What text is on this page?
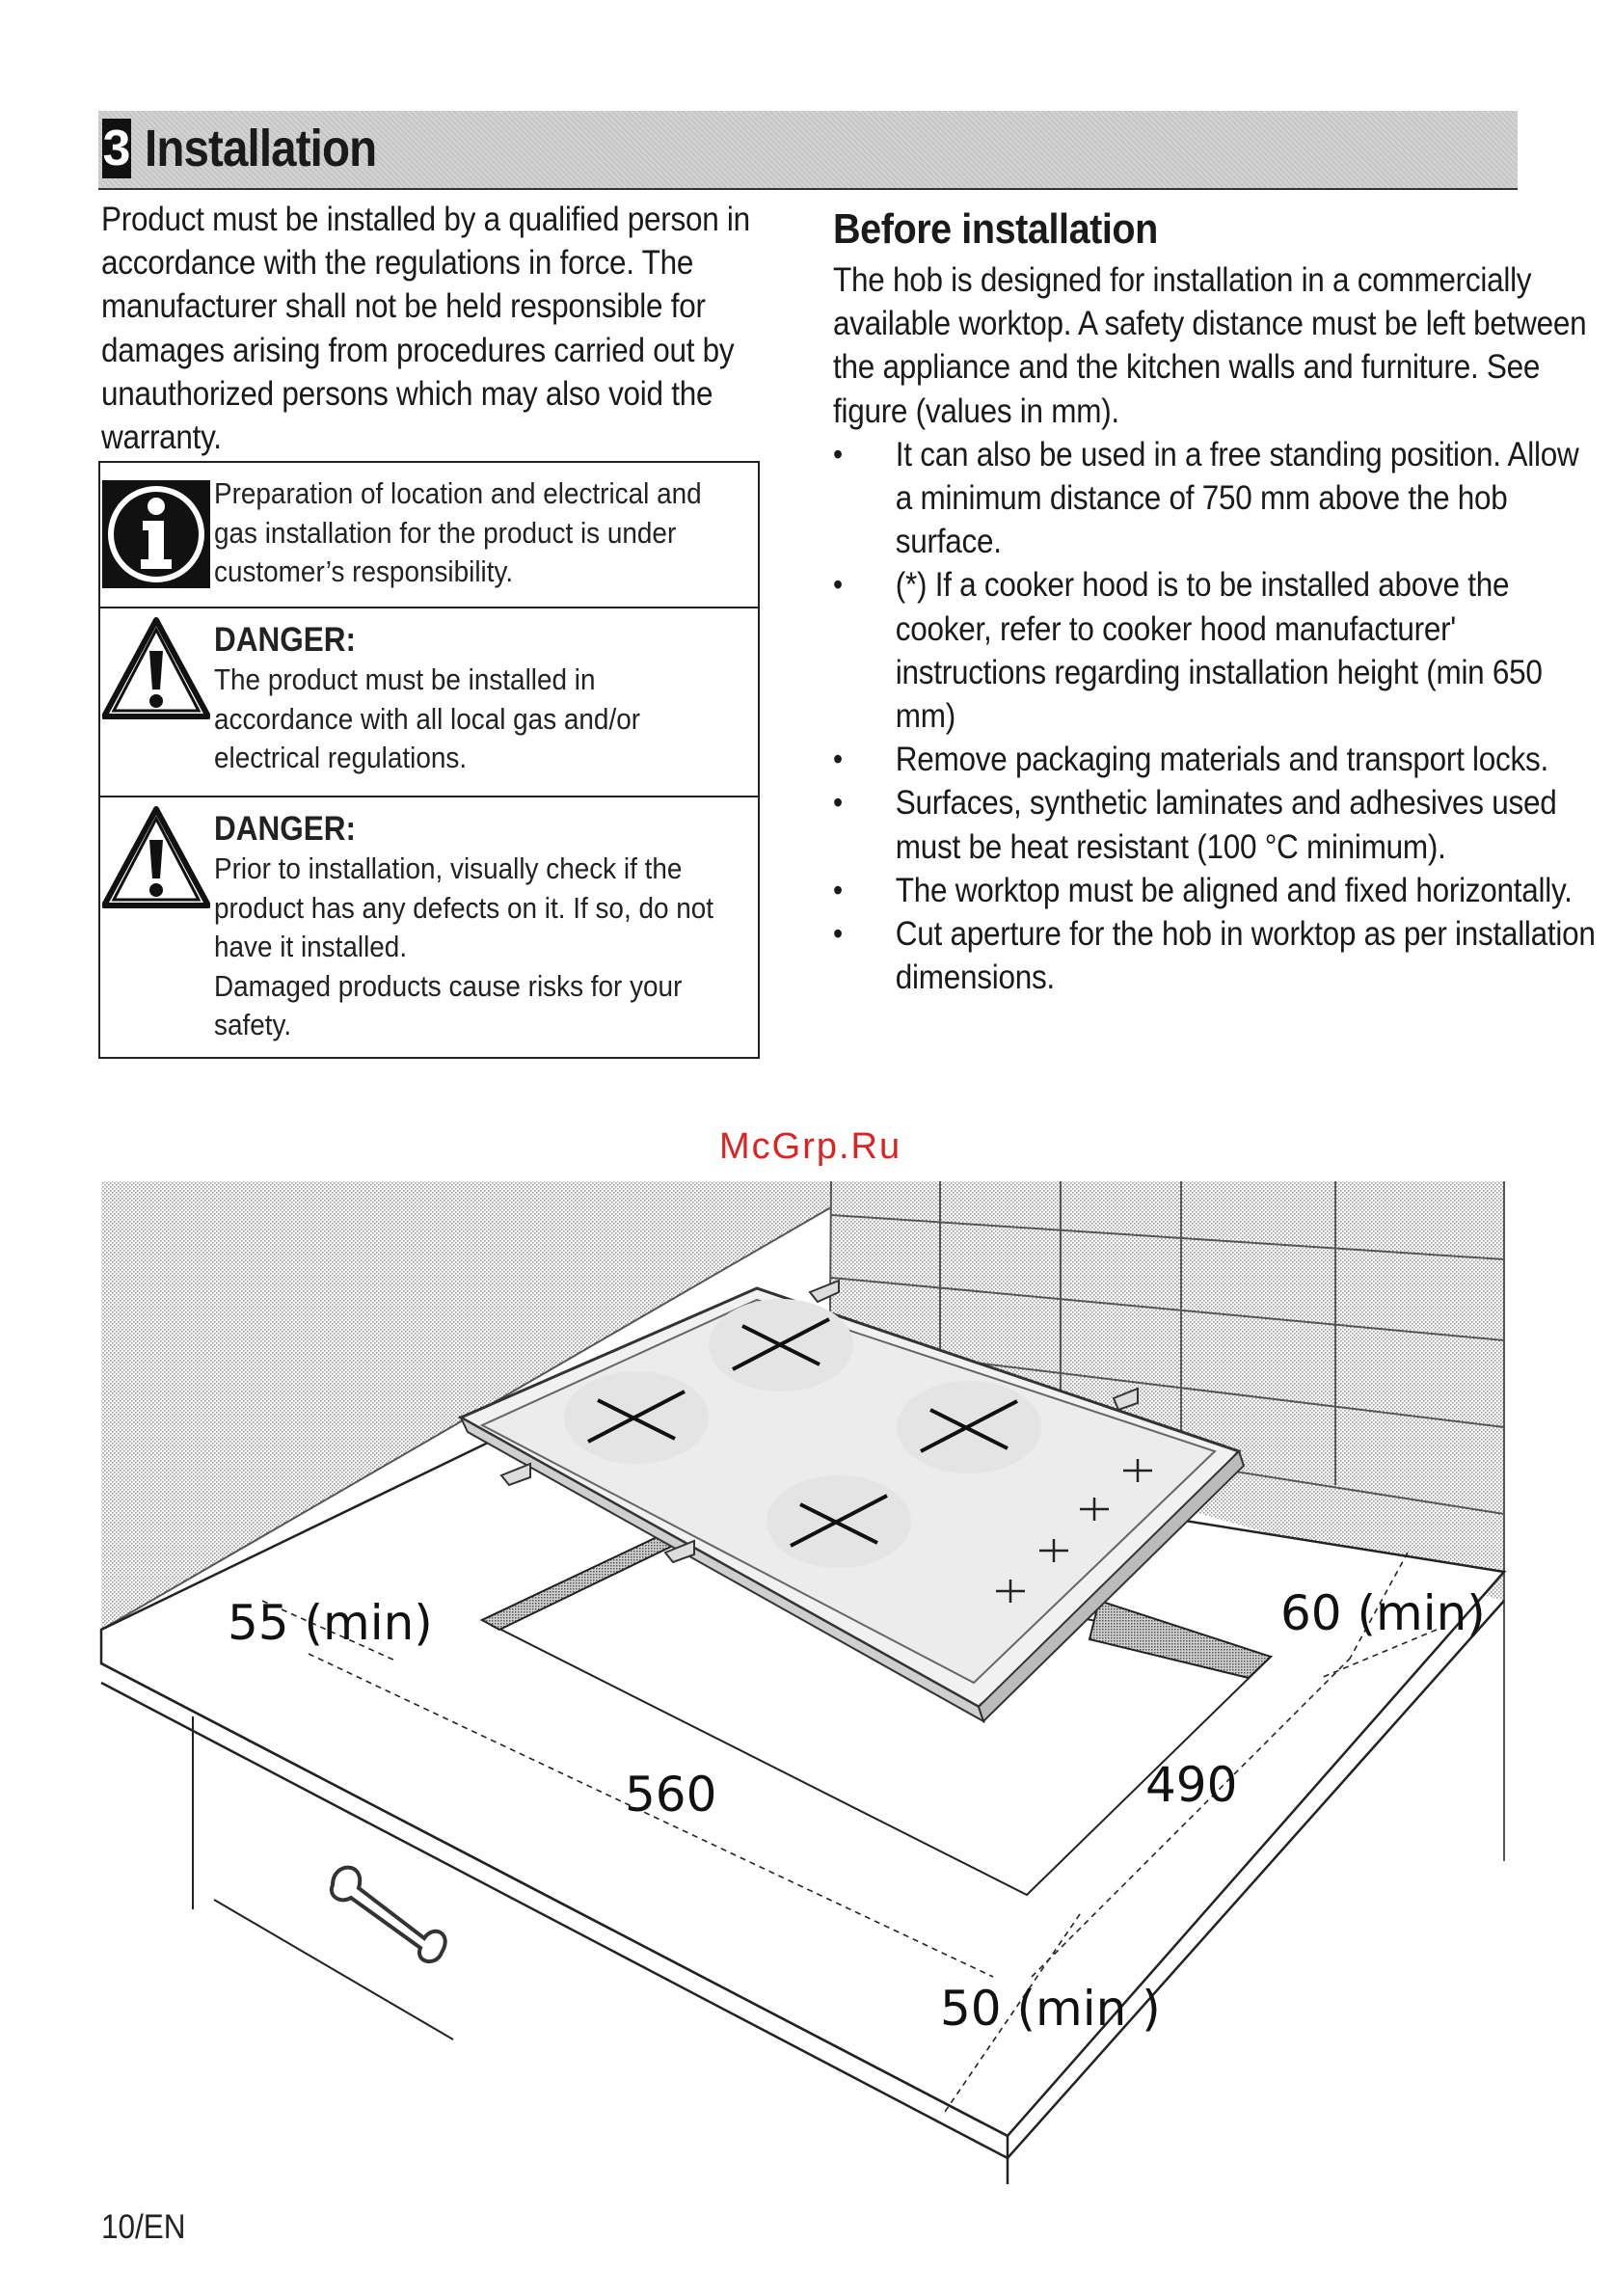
3 Installation
Product must be installed by a qualified person in accordance with the regulations in force. The manufacturer shall not be held responsible for damages arising from procedures carried out by unauthorized persons which may also void the warranty.
Preparation of location and electrical and gas installation for the product is under customer’s responsibility.
DANGER:
The product must be installed in accordance with all local gas and/or electrical regulations.
DANGER:
Prior to installation, visually check if the product has any defects on it. If so, do not have it installed.
Damaged products cause risks for your safety.
Before installation
The hob is designed for installation in a commercially available worktop. A safety distance must be left between the appliance and the kitchen walls and furniture. See figure (values in mm).
• It can also be used in a free standing position. Allow a minimum distance of 750 mm above the hob surface.
• (*) If a cooker hood is to be installed above the cooker, refer to cooker hood manufacturer' instructions regarding installation height (min 650 mm)
• Remove packaging materials and transport locks.
• Surfaces, synthetic laminates and adhesives used must be heat resistant (100 °C minimum).
• The worktop must be aligned and fixed horizontally.
• Cut aperture for the hob in worktop as per installation dimensions.
55 (min)	60 (min)
560	490
50 (min )
McGrp.Ru
10/EN
